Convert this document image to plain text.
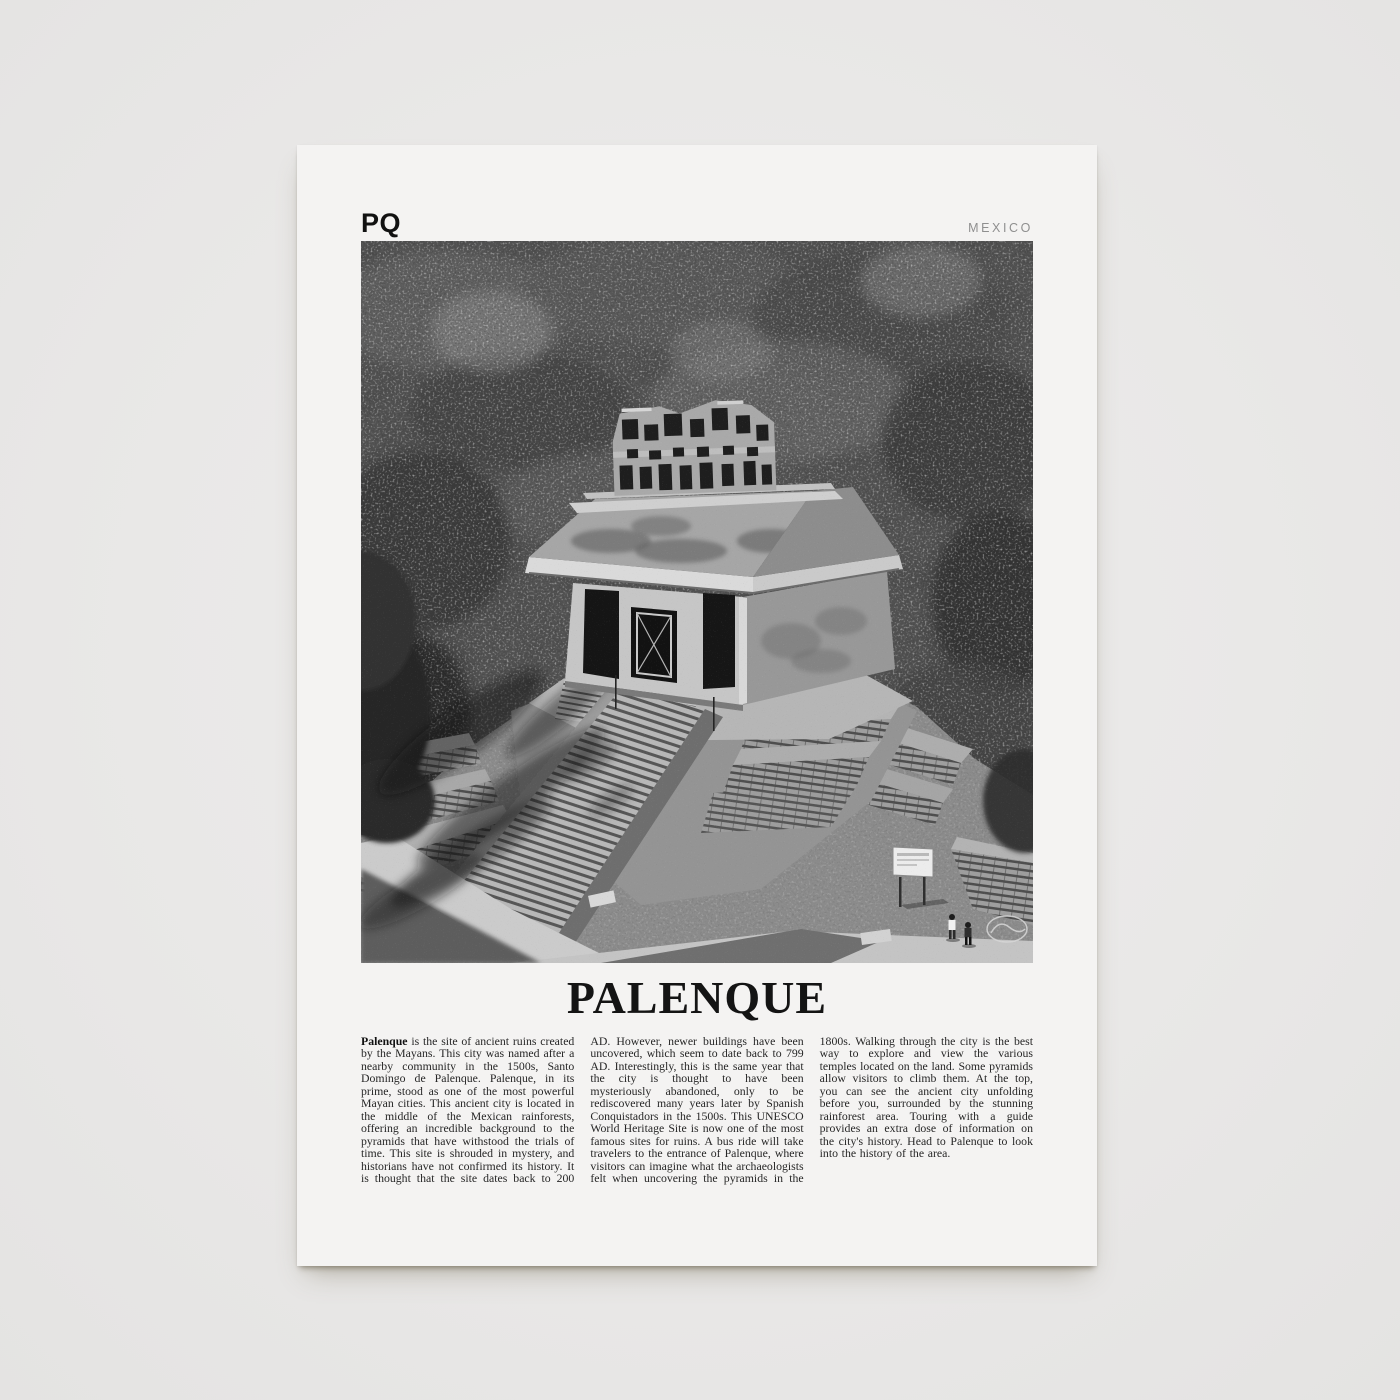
PQ	MEXICO
PALENQUE

Palenque is the site of ancient ruins created by the Mayans. This city was named after a nearby community in the 1500s, Santo Domingo de Palenque. Palenque, in its prime, stood as one of the most powerful Mayan cities. This ancient city is located in the middle of the Mexican rainforests, offering an incredible background to the pyramids that have withstood the trials of time. This site is shrouded in mystery, and historians have not confirmed its history. It is thought that the site dates back to 200 AD. However, newer buildings have been uncovered, which seem to date back to 799 AD. Interestingly, this is the same year that the city is thought to have been mysteriously abandoned, only to be rediscovered many years later by Spanish Conquistadors in the 1500s. This UNESCO World Heritage Site is now one of the most famous sites for ruins. A bus ride will take travelers to the entrance of Palenque, where visitors can imagine what the archaeologists felt when uncovering the pyramids in the 1800s. Walking through the city is the best way to explore and view the various temples located on the land. Some pyramids allow visitors to climb them. At the top, you can see the ancient city unfolding before you, surrounded by the stunning rainforest area. Touring with a guide provides an extra dose of information on the city's history. Head to Palenque to look into the history of the area.
